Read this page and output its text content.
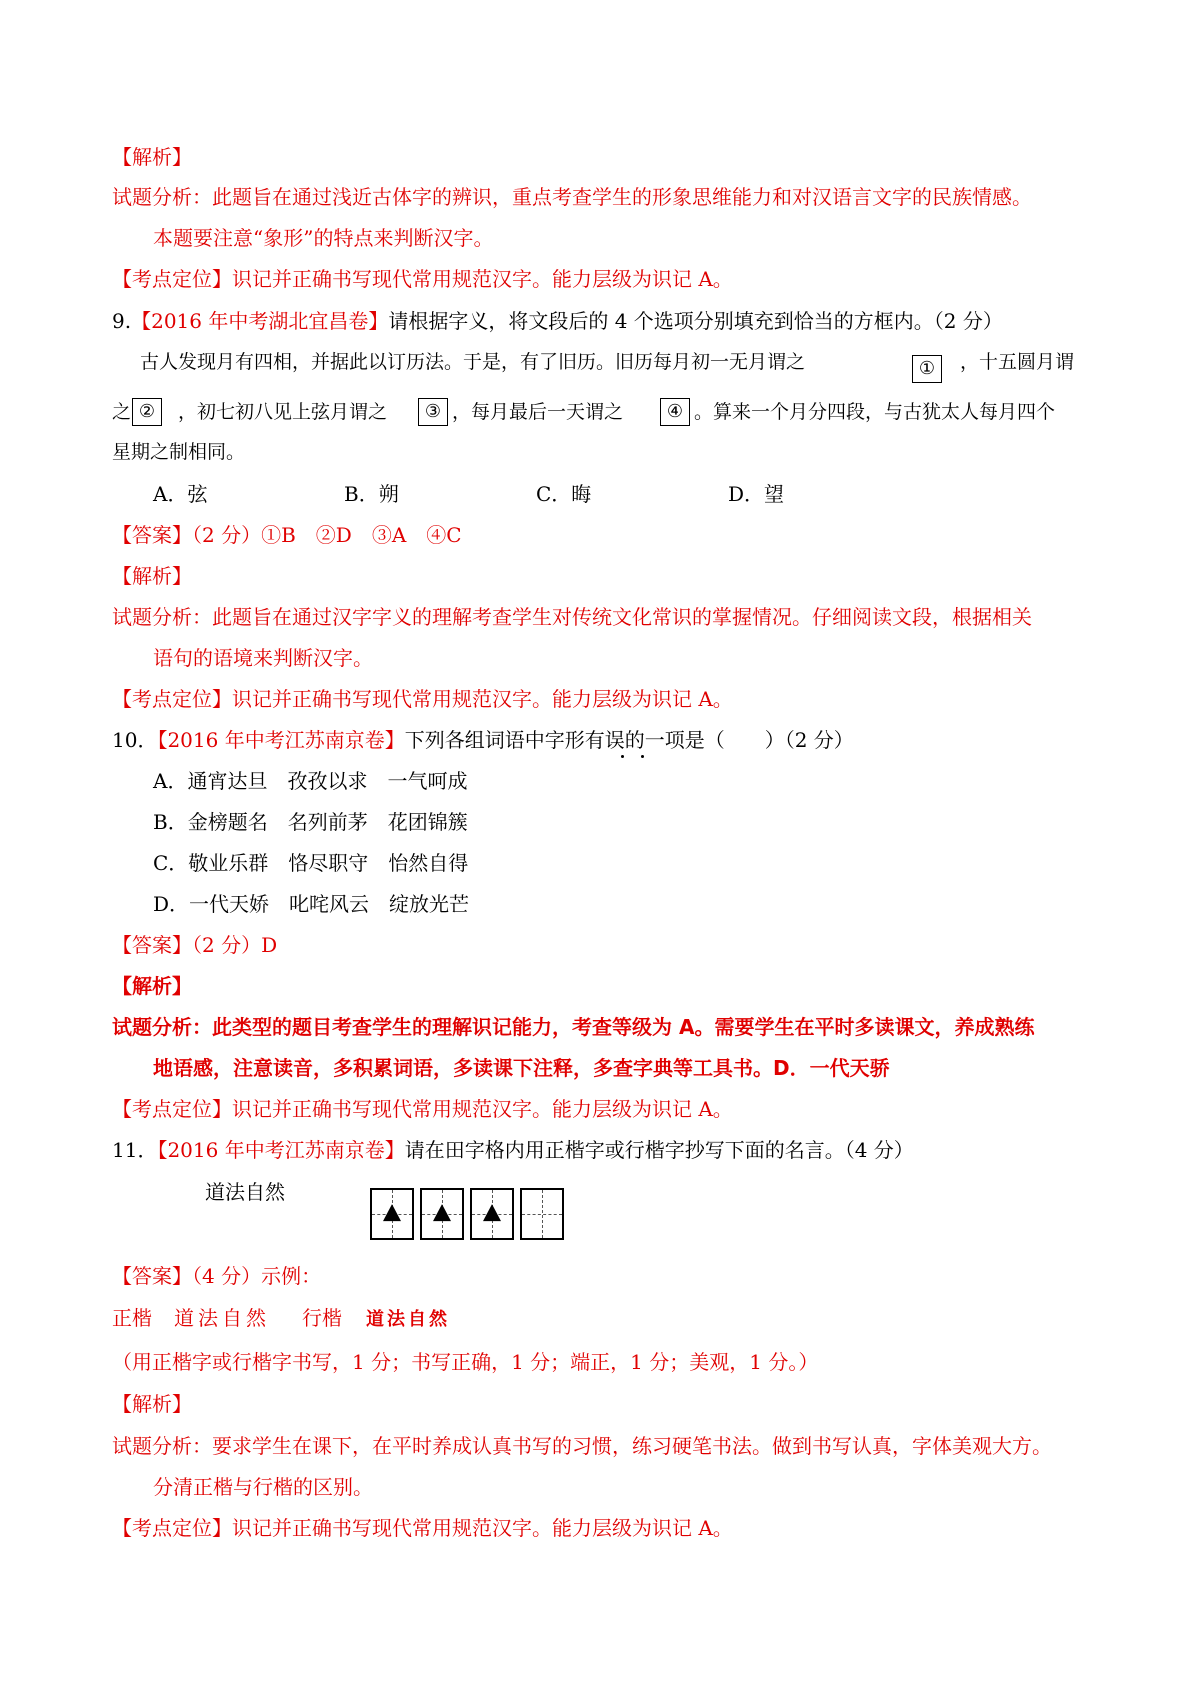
【解析】
试题分析：此题旨在通过浅近古体字的辨识，重点考查学生的形象思维能力和对汉语言文字的民族情感。
本题要注意“象形”的特点来判断汉字。
【考点定位】识记并正确书写现代常用规范汉字。能力层级为识记 A。
9.【2016 年中考湖北宜昌卷】请根据字义，将文段后的 4 个选项分别填充到恰当的方框内。（2 分）
古人发现月有四相，并据此以订历法。于是，有了旧历。旧历每月初一无月谓之	①	，十五圆月谓
之 ②	，初七初八见上弦月谓之	③ ，每月最后一天谓之	④ 。算来一个月分四段，与古犹太人每月四个
星期之制相同。
A．弦	B．朔	C．晦	D．望
【答案】（2 分）①B　②D　③A　④C
【解析】
试题分析：此题旨在通过汉字字义的理解考查学生对传统文化常识的掌握情况。仔细阅读文段，根据相关
语句的语境来判断汉字。
【考点定位】识记并正确书写现代常用规范汉字。能力层级为识记 A。
10．【2016 年中考江苏南京卷】下列各组词语中字形有误的一项是（　　）（2 分）
A．通宵达旦　孜孜以求　一气呵成
B．金榜题名　名列前茅　花团锦簇
C．敬业乐群　恪尽职守　怡然自得
D．一代天娇　叱咤风云　绽放光芒
【答案】（2 分）D
【解析】
试题分析：此类型的题目考查学生的理解识记能力，考查等级为 A。需要学生在平时多读课文，养成熟练
地语感，注意读音，多积累词语，多读课下注释，多查字典等工具书。D．一代天骄
【考点定位】识记并正确书写现代常用规范汉字。能力层级为识记 A。
11．【2016 年中考江苏南京卷】请在田字格内用正楷字或行楷字抄写下面的名言。（4 分）
道法自然
【答案】（4 分）示例：
正楷 道法自然 行楷 道法自然
（用正楷字或行楷字书写，1 分；书写正确，1 分；端正，1 分；美观，1 分。）
【解析】
试题分析：要求学生在课下，在平时养成认真书写的习惯，练习硬笔书法。做到书写认真，字体美观大方。
分清正楷与行楷的区别。
【考点定位】识记并正确书写现代常用规范汉字。能力层级为识记 A。
